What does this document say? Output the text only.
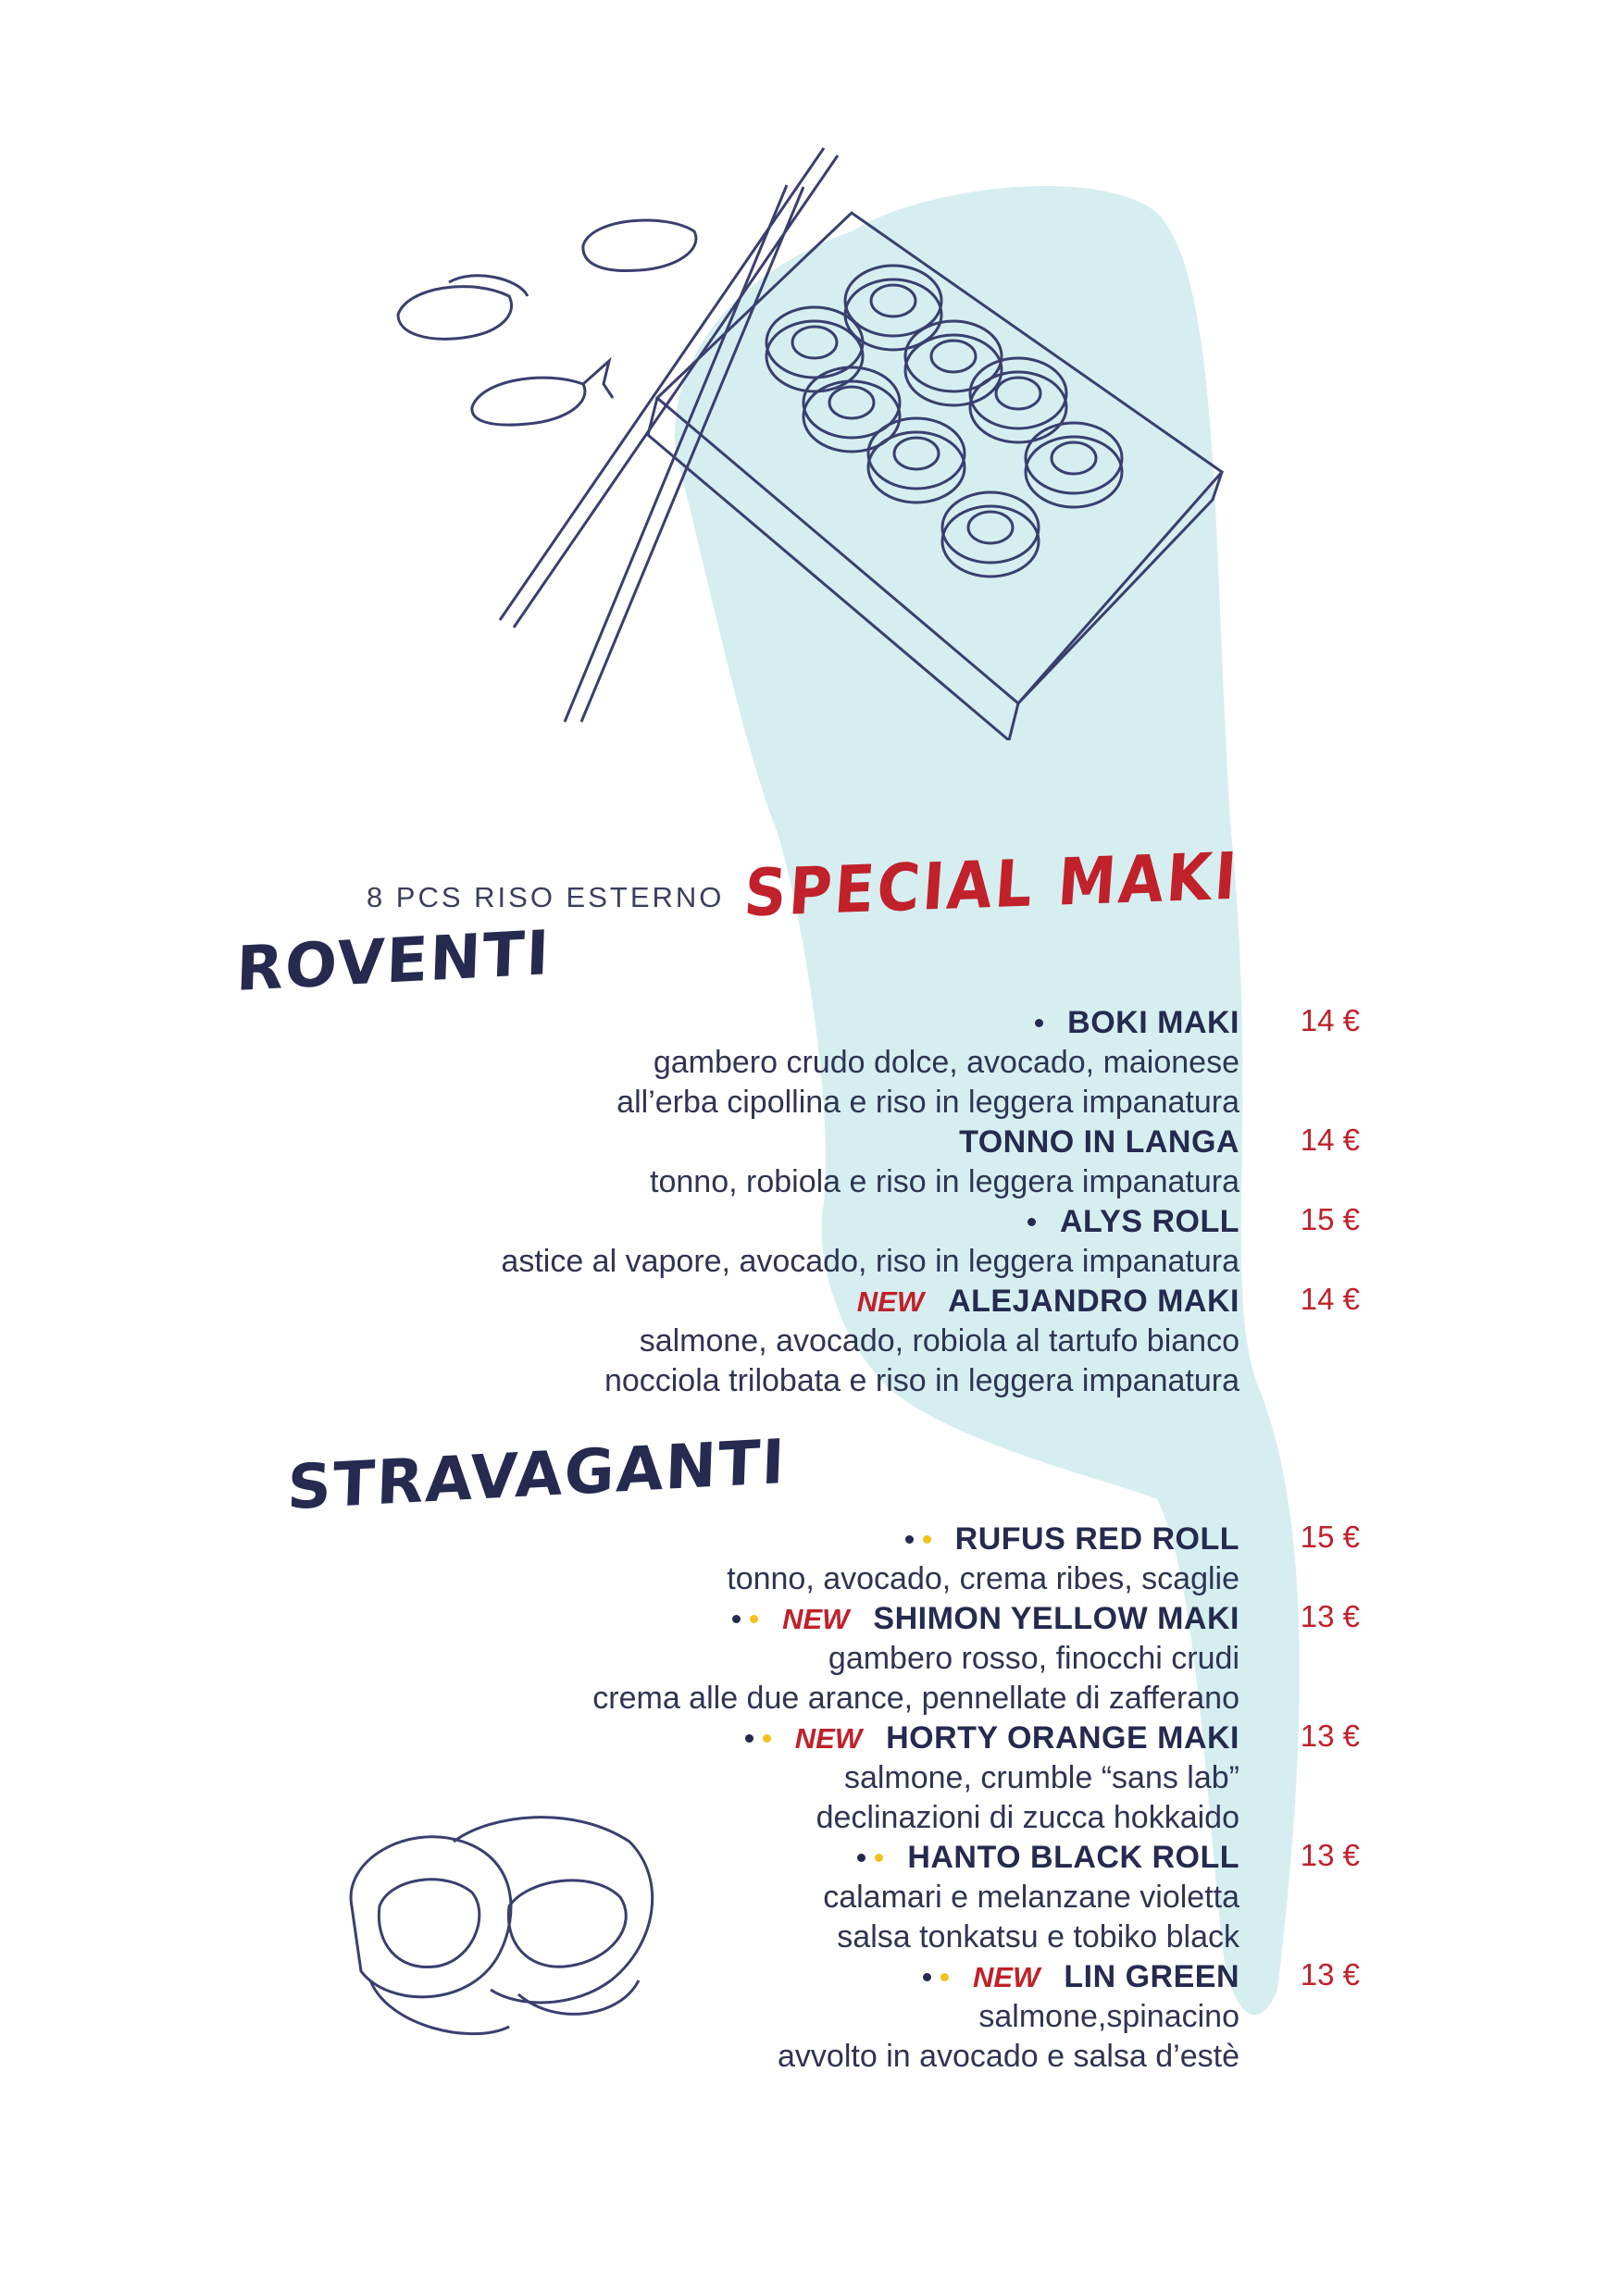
8 PCS RISO ESTERNO SPECIAL MAKI
ROVENTI
BOKI MAKI 14 €
gambero crudo dolce, avocado, maionese
all’erba cipollina e riso in leggera impanatura
TONNO IN LANGA 14 €
tonno, robiola e riso in leggera impanatura
ALYS ROLL 15 €
astice al vapore, avocado, riso in leggera impanatura
NEW ALEJANDRO MAKI 14 €
salmone, avocado, robiola al tartufo bianco
nocciola trilobata e riso in leggera impanatura
STRAVAGANTI
RUFUS RED ROLL 15 €
tonno, avocado, crema ribes, scaglie
NEW SHIMON YELLOW MAKI 13 €
gambero rosso, finocchi crudi
crema alle due arance, pennellate di zafferano
NEW HORTY ORANGE MAKI 13 €
salmone, crumble “sans lab”
declinazioni di zucca hokkaido
HANTO BLACK ROLL 13 €
calamari e melanzane violetta
salsa tonkatsu e tobiko black
NEW LIN GREEN 13 €
salmone,spinacino
avvolto in avocado e salsa d’estè
